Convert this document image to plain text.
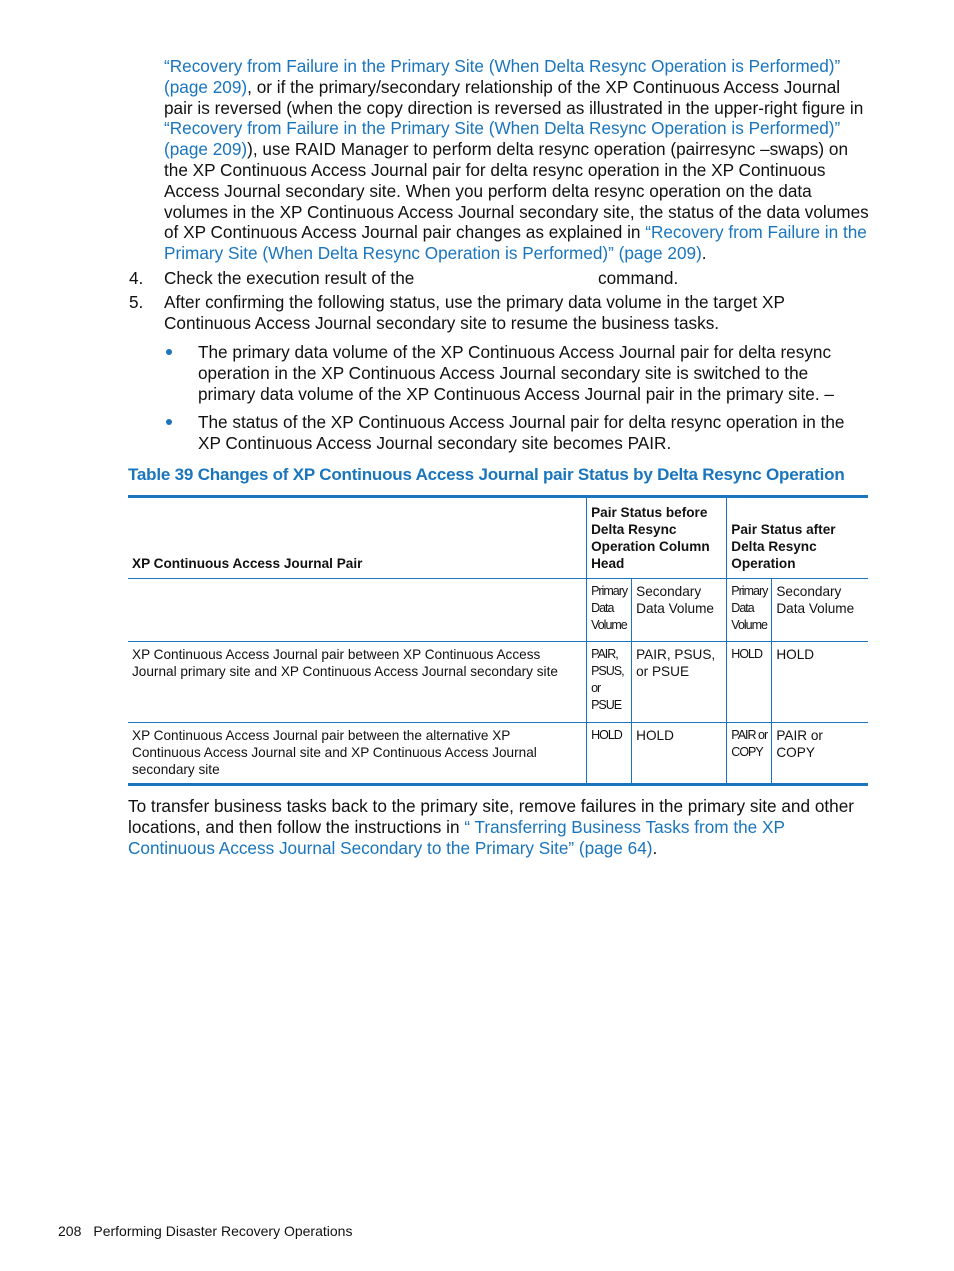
“Recovery from Failure in the Primary Site (When Delta Resync Operation is Performed)” (page 209), or if the primary/secondary relationship of the XP Continuous Access Journal pair is reversed (when the copy direction is reversed as illustrated in the upper-right figure in “Recovery from Failure in the Primary Site (When Delta Resync Operation is Performed)” (page 209)), use RAID Manager to perform delta resync operation (pairresync –swaps) on the XP Continuous Access Journal pair for delta resync operation in the XP Continuous Access Journal secondary site. When you perform delta resync operation on the data volumes in the XP Continuous Access Journal secondary site, the status of the data volumes of XP Continuous Access Journal pair changes as explained in “Recovery from Failure in the Primary Site (When Delta Resync Operation is Performed)” (page 209).
4. Check the execution result of the	command.
5. After confirming the following status, use the primary data volume in the target XP Continuous Access Journal secondary site to resume the business tasks.
The primary data volume of the XP Continuous Access Journal pair for delta resync operation in the XP Continuous Access Journal secondary site is switched to the primary data volume of the XP Continuous Access Journal pair in the primary site. –
The status of the XP Continuous Access Journal pair for delta resync operation in the XP Continuous Access Journal secondary site becomes PAIR.
Table 39 Changes of XP Continuous Access Journal pair Status by Delta Resync Operation
XP Continuous Access Journal Pair	Pair Status before Delta Resync Operation Column Head		Pair Status after Delta Resync Operation	
	Primary Data Volume	Secondary Data Volume	Primary Data Volume	Secondary Data Volume
XP Continuous Access Journal pair between XP Continuous Access Journal primary site and XP Continuous Access Journal secondary site	PAIR, PSUS, or PSUE	PAIR, PSUS, or PSUE	HOLD	HOLD
XP Continuous Access Journal pair between the alternative XP Continuous Access Journal site and XP Continuous Access Journal secondary site	HOLD	HOLD	PAIR or COPY	PAIR or COPY
To transfer business tasks back to the primary site, remove failures in the primary site and other locations, and then follow the instructions in “ Transferring Business Tasks from the XP Continuous Access Journal Secondary to the Primary Site” (page 64).
208 Performing Disaster Recovery Operations
